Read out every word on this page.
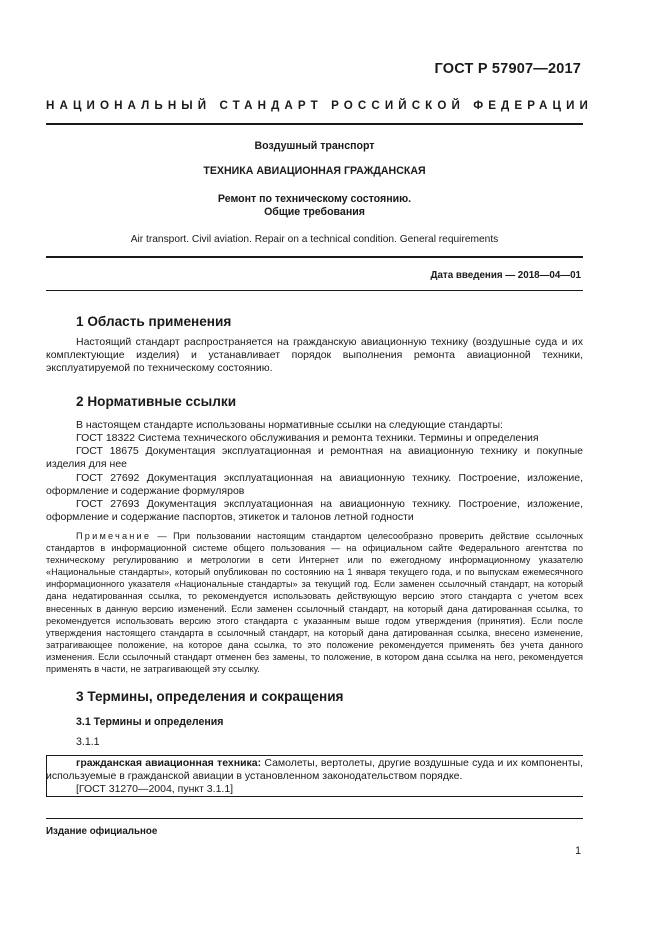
ГОСТ Р 57907—2017
НАЦИОНАЛЬНЫЙ СТАНДАРТ РОССИЙСКОЙ ФЕДЕРАЦИИ
Воздушный транспорт
ТЕХНИКА АВИАЦИОННАЯ ГРАЖДАНСКАЯ
Ремонт по техническому состоянию.
Общие требования
Air transport. Civil aviation. Repair on a technical condition. General requirements
Дата введения — 2018—04—01
1 Область применения
Настоящий стандарт распространяется на гражданскую авиационную технику (воздушные суда и их комплектующие изделия) и устанавливает порядок выполнения ремонта авиационной техники, эксплуатируемой по техническому состоянию.
2 Нормативные ссылки
В настоящем стандарте использованы нормативные ссылки на следующие стандарты:
ГОСТ 18322 Система технического обслуживания и ремонта техники. Термины и определения
ГОСТ 18675 Документация эксплуатационная и ремонтная на авиационную технику и покупные изделия для нее
ГОСТ 27692 Документация эксплуатационная на авиационную технику. Построение, изложение, оформление и содержание формуляров
ГОСТ 27693 Документация эксплуатационная на авиационную технику. Построение, изложение, оформление и содержание паспортов, этикеток и талонов летной годности
Примечание — При пользовании настоящим стандартом целесообразно проверить действие ссылочных стандартов в информационной системе общего пользования — на официальном сайте Федерального агентства по техническому регулированию и метрологии в сети Интернет или по ежегодному информационному указателю «Национальные стандарты», который опубликован по состоянию на 1 января текущего года, и по выпускам ежемесячного информационного указателя «Национальные стандарты» за текущий год. Если заменен ссылочный стандарт, на который дана недатированная ссылка, то рекомендуется использовать действующую версию этого стандарта с учетом всех внесенных в данную версию изменений. Если заменен ссылочный стандарт, на который дана датированная ссылка, то рекомендуется использовать версию этого стандарта с указанным выше годом утверждения (принятия). Если после утверждения настоящего стандарта в ссылочный стандарт, на который дана датированная ссылка, внесено изменение, затрагивающее положение, на которое дана ссылка, то это положение рекомендуется применять без учета данного изменения. Если ссылочный стандарт отменен без замены, то положение, в котором дана ссылка на него, рекомендуется применять в части, не затрагивающей эту ссылку.
3 Термины, определения и сокращения
3.1 Термины и определения
3.1.1
гражданская авиационная техника: Самолеты, вертолеты, другие воздушные суда и их компоненты, используемые в гражданской авиации в установленном законодательством порядке.
[ГОСТ 31270—2004, пункт 3.1.1]
Издание официальное
1
